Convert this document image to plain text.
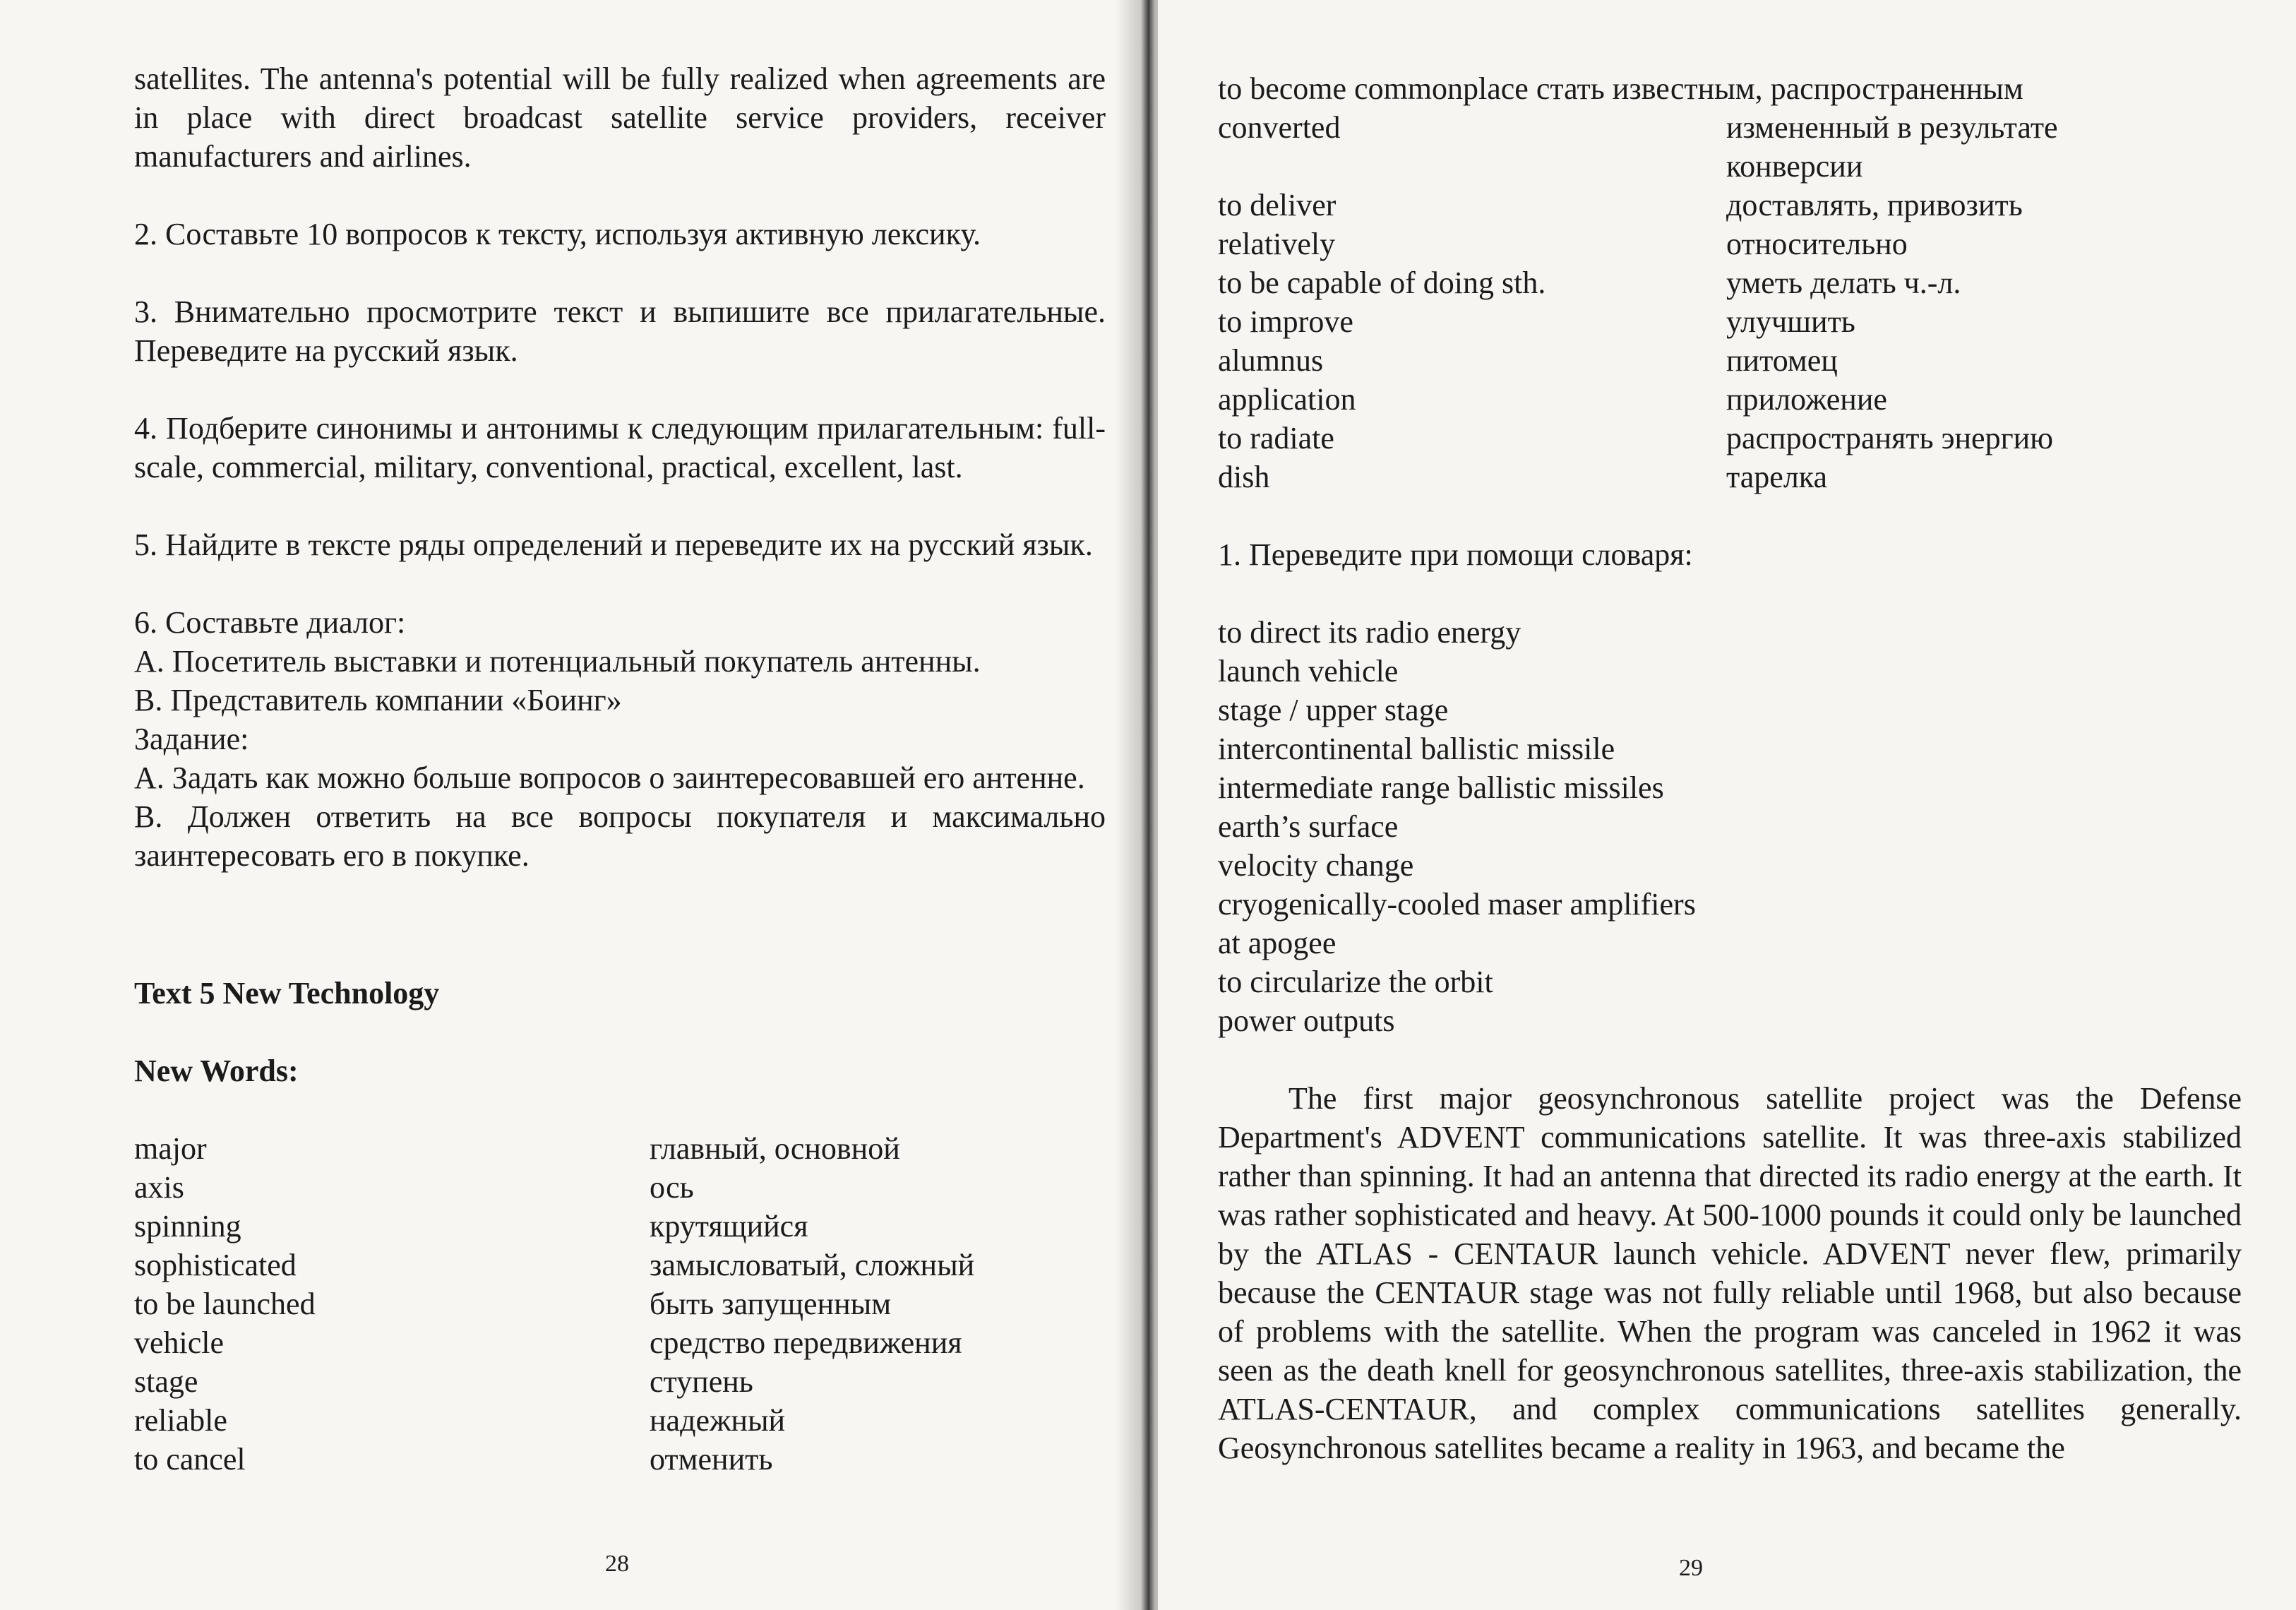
satellites. The antenna's potential will be fully realized when agreements are in place with direct broadcast satellite service providers, receiver manufacturers and airlines.

2. Составьте 10 вопросов к тексту, используя активную лексику.

3. Внимательно просмотрите текст и выпишите все прилагательные. Переведите на русский язык.

4. Подберите синонимы и антонимы к следующим прилагательным: full-scale, commercial, military, conventional, practical, excellent, last.

5. Найдите в тексте ряды определений и переведите их на русский язык.

6. Составьте диалог:

А. Посетитель выставки и потенциальный покупатель антенны.

В. Представитель компании «Боинг»

Задание:

А. Задать как можно больше вопросов о заинтересовавшей его антенне.

В. Должен ответить на все вопросы покупателя и максимально заинтересовать его в покупке.

Text 5 New Technology

New Words:

major	главный, основной
axis	ось
spinning	крутящийся
sophisticated	замысловатый, сложный
to be launched	быть запущенным
vehicle	средство передвижения
stage	ступень
reliable	надежный
to cancel	отменить
28

to become commonplace стать известным, распространенным

converted	измененный в результате конверсии
to deliver	доставлять, привозить
relatively	относительно
to be capable of doing sth.	уметь делать ч.-л.
to improve	улучшить
alumnus	питомец
application	приложение
to radiate	распространять энергию
dish	тарелка

1. Переведите при помощи словаря:

to direct its radio energy

launch vehicle

stage / upper stage

intercontinental ballistic missile

intermediate range ballistic missiles

earth’s surface

velocity change

cryogenically-cooled maser amplifiers

at apogee

to circularize the orbit

power outputs

The first major geosynchronous satellite project was the Defense Department's ADVENT communications satellite. It was three-axis stabilized rather than spinning. It had an antenna that directed its radio energy at the earth. It was rather sophisticated and heavy. At 500-1000 pounds it could only be launched by the ATLAS - CENTAUR launch vehicle. ADVENT never flew, primarily because the CENTAUR stage was not fully reliable until 1968, but also because of problems with the satellite. When the program was canceled in 1962 it was seen as the death knell for geosynchronous satellites, three-axis stabilization, the ATLAS-CENTAUR, and complex communications satellites generally. Geosynchronous satellites became a reality in 1963, and became the

29
